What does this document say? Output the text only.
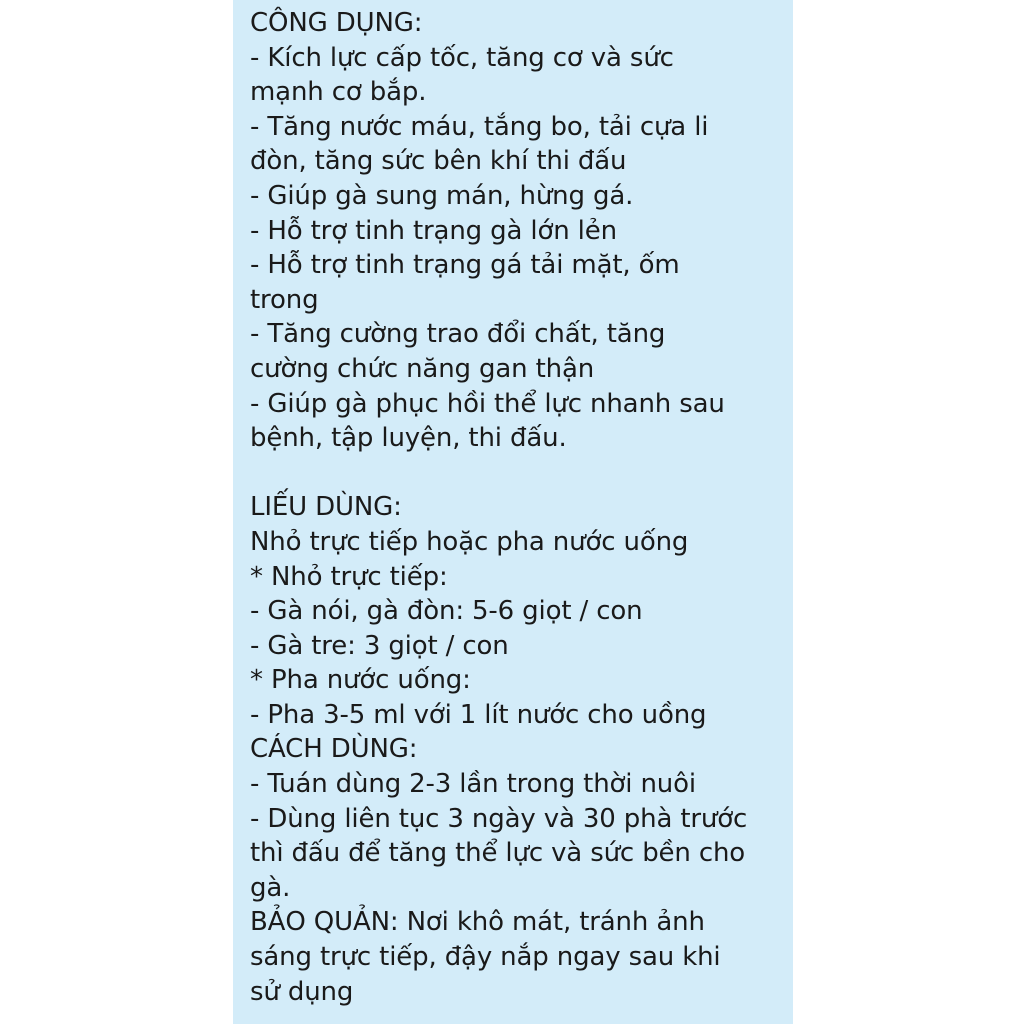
CÔNG DỤNG:
- Kích lực cấp tốc, tăng cơ và sức
mạnh cơ bắp.
- Tăng nước máu, tắng bo, tải cựa li
đòn, tăng sức bên khí thi đấu
- Giúp gà sung mán, hừng gá.
- Hỗ trợ tinh trạng gà lớn lẻn
- Hỗ trợ tinh trạng gá tải mặt, ốm
trong
- Tăng cường trao đổi chất, tăng
cường chức năng gan thận
- Giúp gà phục hồi thể lực nhanh sau
bệnh, tập luyện, thi đấu.
LIẾU DÙNG:
Nhỏ trực tiếp hoặc pha nước uống
* Nhỏ trực tiếp:
- Gà nói, gà đòn: 5-6 giọt / con
- Gà tre: 3 giọt / con
* Pha nước uống:
- Pha 3-5 ml với 1 lít nước cho uồng
CÁCH DÙNG:
- Tuán dùng 2-3 lần trong thời nuôi
- Dùng liên tục 3 ngày và 30 phà trước
thì đấu để tăng thể lực và sức bền cho
gà.
BẢO QUẢN: Nơi khô mát, tránh ảnh
sáng trực tiếp, đậy nắp ngay sau khi
sử dụng
